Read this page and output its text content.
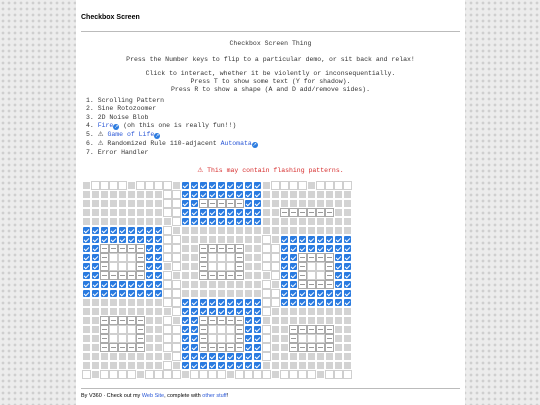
Checkbox Screen
Checkbox Screen Thing
Press the Number keys to flip to a particular demo, or sit back and relax!
Click to interact, whether it be violently or inconsequentially.
Press T to show some text (Y for shadow).
Press R to show a shape (A and D add/remove sides).
1. Scrolling Pattern
2. Sine Rotozoomer
3. 2D Noise Blob
4. Fire↗ (oh this one is really fun!!)
5. ⚠ Game of Life↗
6. ⚠ Randomized Rule 110-adjacent Automata↗
7. Error Handler
⚠ This may contain flashing patterns.
By V360 · Check out my Web Site, complete with other stuff!
